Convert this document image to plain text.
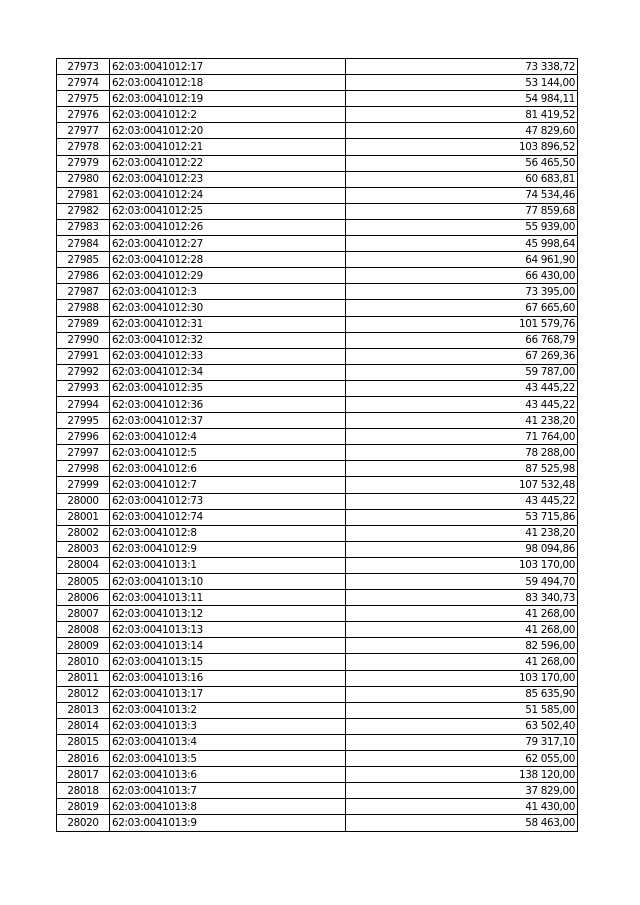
27973	62:03:0041012:17	73 338,72
27974	62:03:0041012:18	53 144,00
27975	62:03:0041012:19	54 984,11
27976	62:03:0041012:2	81 419,52
27977	62:03:0041012:20	47 829,60
27978	62:03:0041012:21	103 896,52
27979	62:03:0041012:22	56 465,50
27980	62:03:0041012:23	60 683,81
27981	62:03:0041012:24	74 534,46
27982	62:03:0041012:25	77 859,68
27983	62:03:0041012:26	55 939,00
27984	62:03:0041012:27	45 998,64
27985	62:03:0041012:28	64 961,90
27986	62:03:0041012:29	66 430,00
27987	62:03:0041012:3	73 395,00
27988	62:03:0041012:30	67 665,60
27989	62:03:0041012:31	101 579,76
27990	62:03:0041012:32	66 768,79
27991	62:03:0041012:33	67 269,36
27992	62:03:0041012:34	59 787,00
27993	62:03:0041012:35	43 445,22
27994	62:03:0041012:36	43 445,22
27995	62:03:0041012:37	41 238,20
27996	62:03:0041012:4	71 764,00
27997	62:03:0041012:5	78 288,00
27998	62:03:0041012:6	87 525,98
27999	62:03:0041012:7	107 532,48
28000	62:03:0041012:73	43 445,22
28001	62:03:0041012:74	53 715,86
28002	62:03:0041012:8	41 238,20
28003	62:03:0041012:9	98 094,86
28004	62:03:0041013:1	103 170,00
28005	62:03:0041013:10	59 494,70
28006	62:03:0041013:11	83 340,73
28007	62:03:0041013:12	41 268,00
28008	62:03:0041013:13	41 268,00
28009	62:03:0041013:14	82 596,00
28010	62:03:0041013:15	41 268,00
28011	62:03:0041013:16	103 170,00
28012	62:03:0041013:17	85 635,90
28013	62:03:0041013:2	51 585,00
28014	62:03:0041013:3	63 502,40
28015	62:03:0041013:4	79 317,10
28016	62:03:0041013:5	62 055,00
28017	62:03:0041013:6	138 120,00
28018	62:03:0041013:7	37 829,00
28019	62:03:0041013:8	41 430,00
28020	62:03:0041013:9	58 463,00
